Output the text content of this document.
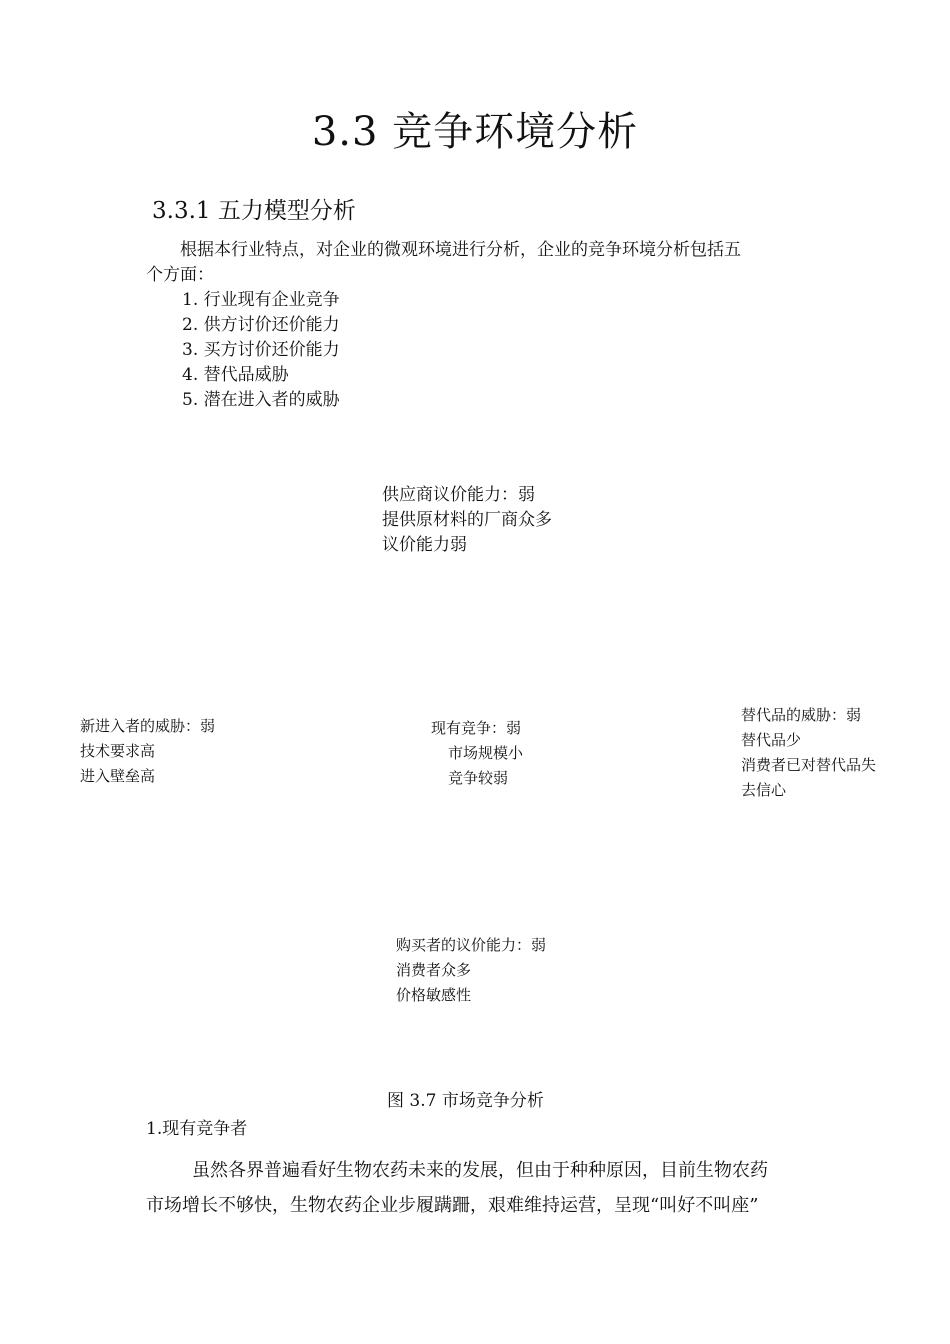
3.3 竞争环境分析
3.3.1 五力模型分析
根据本行业特点，对企业的微观环境进行分析，企业的竞争环境分析包括五
个方面：
1. 行业现有企业竞争
2. 供方讨价还价能力
3. 买方讨价还价能力
4. 替代品威胁
5. 潜在进入者的威胁
供应商议价能力：弱
提供原材料的厂商众多
议价能力弱
新进入者的威胁：弱
技术要求高
进入壁垒高
现有竞争：弱
市场规模小
竞争较弱
替代品的威胁：弱
替代品少
消费者已对替代品失
去信心
购买者的议价能力：弱
消费者众多
价格敏感性
图 3.7 市场竞争分析
1.现有竞争者
虽然各界普遍看好生物农药未来的发展，但由于种种原因，目前生物农药
市场增长不够快，生物农药企业步履蹒跚，艰难维持运营，呈现“叫好不叫座”
